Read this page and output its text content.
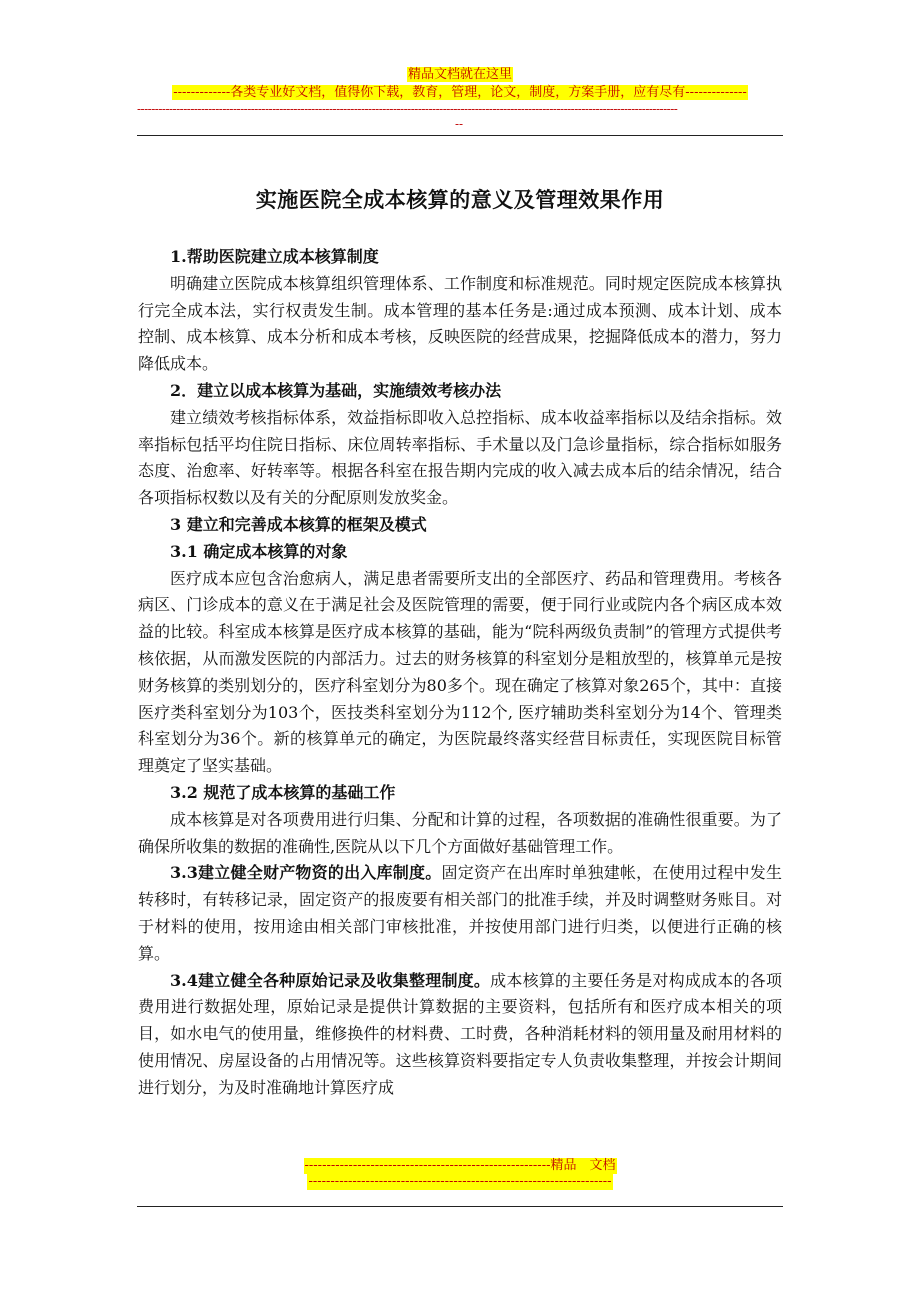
精品文档就在这里
-------------各类专业好文档，值得你下载，教育，管理，论文，制度，方案手册，应有尽有--------------
--------------------------------------------------------------------------------------------------------------------------------------------------------
--
实施医院全成本核算的意义及管理效果作用

1.帮助医院建立成本核算制度

明确建立医院成本核算组织管理体系、工作制度和标准规范。同时规定医院成本核算执行完全成本法，实行权责发生制。成本管理的基本任务是:通过成本预测、成本计划、成本控制、成本核算、成本分析和成本考核，反映医院的经营成果，挖掘降低成本的潜力，努力降低成本。

2．建立以成本核算为基础，实施绩效考核办法

建立绩效考核指标体系，效益指标即收入总控指标、成本收益率指标以及结余指标。效率指标包括平均住院日指标、床位周转率指标、手术量以及门急诊量指标，综合指标如服务态度、治愈率、好转率等。根据各科室在报告期内完成的收入减去成本后的结余情况，结合各项指标权数以及有关的分配原则发放奖金。

3 建立和完善成本核算的框架及模式

3.1 确定成本核算的对象

医疗成本应包含治愈病人，满足患者需要所支出的全部医疗、药品和管理费用。考核各病区、门诊成本的意义在于满足社会及医院管理的需要，便于同行业或院内各个病区成本效益的比较。科室成本核算是医疗成本核算的基础，能为“院科两级负责制”的管理方式提供考核依据，从而激发医院的内部活力。过去的财务核算的科室划分是粗放型的，核算单元是按财务核算的类别划分的，医疗科室划分为80多个。现在确定了核算对象265个，其中：直接医疗类科室划分为103个，医技类科室划分为112个, 医疗辅助类科室划分为14个、管理类科室划分为36个。新的核算单元的确定，为医院最终落实经营目标责任，实现医院目标管理奠定了坚实基础。

3.2 规范了成本核算的基础工作

成本核算是对各项费用进行归集、分配和计算的过程，各项数据的准确性很重要。为了确保所收集的数据的准确性,医院从以下几个方面做好基础管理工作。

3.3建立健全财产物资的出入库制度。固定资产在出库时单独建帐，在使用过程中发生转移时，有转移记录，固定资产的报废要有相关部门的批准手续，并及时调整财务账目。对于材料的使用，按用途由相关部门审核批准，并按使用部门进行归类，以便进行正确的核算。

3.4建立健全各种原始记录及收集整理制度。成本核算的主要任务是对构成成本的各项费用进行数据处理，原始记录是提供计算数据的主要资料，包括所有和医疗成本相关的项目，如水电气的使用量，维修换件的材料费、工时费，各种消耗材料的领用量及耐用材料的使用情况、房屋设备的占用情况等。这些核算资料要指定专人负责收集整理，并按会计期间进行划分，为及时准确地计算医疗成

--------------------------------------------------------精品　文档
---------------------------------------------------------------------
